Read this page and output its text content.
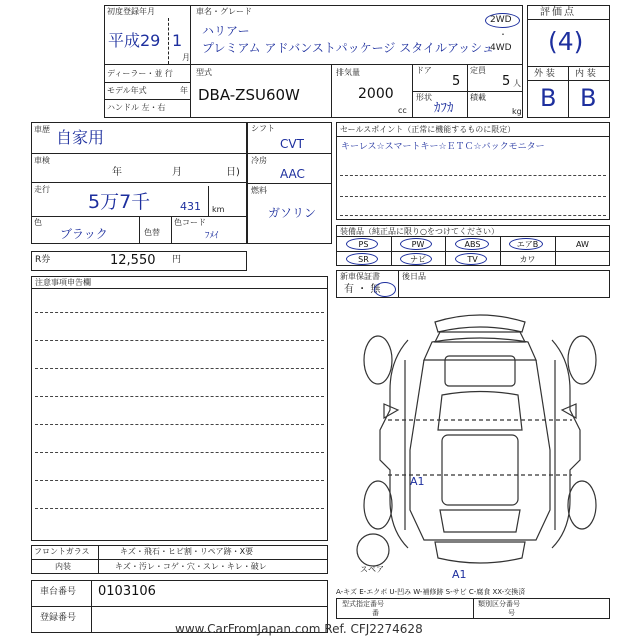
初度登録年月
平成29 1
月
車名・グレード
ハリアー
プレミアム アドバンストパッケージ スタイルアッシュ
2WD
・
4WD
ディーラー・並 行
モデル年式	年
ハンドル 左・右
型式
DBA-ZSU60W
排気量
2000
cc
ドア
5
形状
ｶﾌｶ
定員
5 人
積載
kg
評価点
(4)
外 装 内 装
B B
車歴 自家用
車検
年	月	日)
走行
5万7千	431 km
色
ブラック	色替
色コード
ﾌﾒｲ
シフト
CVT
冷房
AAC
燃料
ガソリン
R券	12,550 円
セールスポイント（正常に機能するものに限定）
キーレス☆スマートキー☆ＥＴＣ☆バックモニター
装備品（純正品に限り○をつけてください）
PS	PW	ABS	エアB	AW
SR	ナビ	TV	カワ
新車保証書
有 ・ 無
後日品
注意事項申告欄
A1
A1
スペア
フロントガラス	キズ・飛石・ヒビ割・リペア跡・X要
内装	キズ・汚レ・コゲ・穴・スレ・キレ・破レ
車台番号 0103106
登録番号
A-キズ E-エクボ U-凹み W-補修跡 S-サビ C-腐食 XX-交換済
型式指定番号
番
類別区分番号
号
www.CarFromJapan.com Ref. CFJ2274628
